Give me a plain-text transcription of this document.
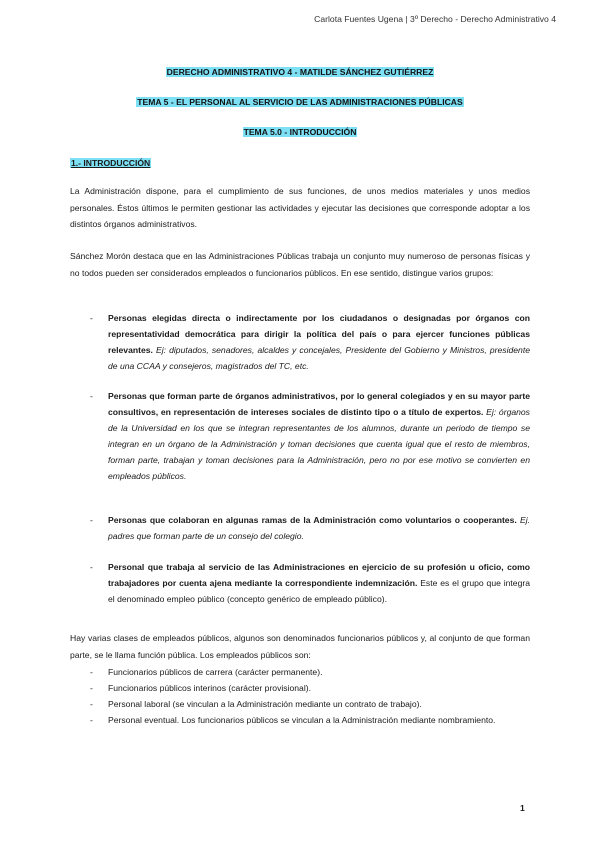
Carlota Fuentes Ugena | 3º Derecho - Derecho Administrativo 4
DERECHO ADMINISTRATIVO 4 - MATILDE SÁNCHEZ GUTIÉRREZ
TEMA 5 - EL PERSONAL AL SERVICIO DE LAS ADMINISTRACIONES PÚBLICAS
TEMA 5.0 - INTRODUCCIÓN
1.- INTRODUCCIÓN

La Administración dispone, para el cumplimiento de sus funciones, de unos medios materiales y unos medios personales. Éstos últimos le permiten gestionar las actividades y ejecutar las decisiones que corresponde adoptar a los distintos órganos administrativos.

Sánchez Morón destaca que en las Administraciones Públicas trabaja un conjunto muy numeroso de personas físicas y no todos pueden ser considerados empleados o funcionarios públicos. En ese sentido, distingue varios grupos:

- Personas elegidas directa o indirectamente por los ciudadanos o designadas por órganos con representatividad democrática para dirigir la política del país o para ejercer funciones públicas relevantes. Ej: diputados, senadores, alcaldes y concejales, Presidente del Gobierno y Ministros, presidente de una CCAA y consejeros, magistrados del TC, etc.
- Personas que forman parte de órganos administrativos, por lo general colegiados y en su mayor parte consultivos, en representación de intereses sociales de distinto tipo o a título de expertos. Ej: órganos de la Universidad en los que se integran representantes de los alumnos, durante un periodo de tiempo se integran en un órgano de la Administración y toman decisiones que cuenta igual que el resto de miembros, forman parte, trabajan y toman decisiones para la Administración, pero no por ese motivo se convierten en empleados públicos.
- Personas que colaboran en algunas ramas de la Administración como voluntarios o cooperantes. Ej. padres que forman parte de un consejo del colegio.
- Personal que trabaja al servicio de las Administraciones en ejercicio de su profesión u oficio, como trabajadores por cuenta ajena mediante la correspondiente indemnización. Este es el grupo que integra el denominado empleo público (concepto genérico de empleado público).

Hay varias clases de empleados públicos, algunos son denominados funcionarios públicos y, al conjunto de que forman parte, se le llama función pública. Los empleados públicos son:

- Funcionarios públicos de carrera (carácter permanente).
- Funcionarios públicos interinos (carácter provisional).
- Personal laboral (se vinculan a la Administración mediante un contrato de trabajo).
- Personal eventual. Los funcionarios públicos se vinculan a la Administración mediante nombramiento.
1
